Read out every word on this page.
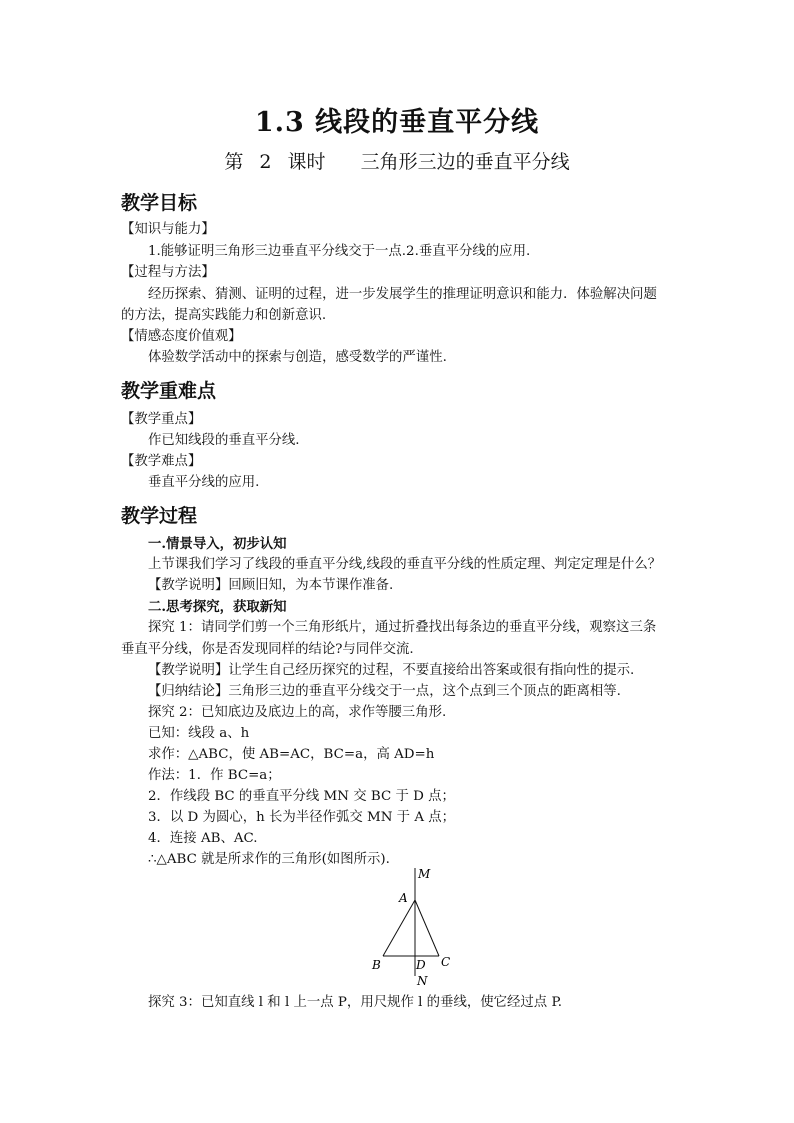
1.3 线段的垂直平分线
第 2 课时　 三角形三边的垂直平分线
教学目标
【知识与能力】
1.能够证明三角形三边垂直平分线交于一点.2.垂直平分线的应用.
【过程与方法】
经历探索、猜测、证明的过程，进一步发展学生的推理证明意识和能力．体验解决问题
的方法，提高实践能力和创新意识.
【情感态度价值观】
体验数学活动中的探索与创造，感受数学的严谨性.
教学重难点
【教学重点】
作已知线段的垂直平分线.
【教学难点】
垂直平分线的应用.
教学过程
一.情景导入，初步认知
上节课我们学习了线段的垂直平分线,线段的垂直平分线的性质定理、判定定理是什么？
【教学说明】回顾旧知，为本节课作准备.
二.思考探究，获取新知
探究 1：请同学们剪一个三角形纸片，通过折叠找出每条边的垂直平分线，观察这三条
垂直平分线，你是否发现同样的结论?与同伴交流.
【教学说明】让学生自己经历探究的过程，不要直接给出答案或很有指向性的提示.
【归纳结论】三角形三边的垂直平分线交于一点，这个点到三个顶点的距离相等.
探究 2：已知底边及底边上的高，求作等腰三角形.
已知：线段 a、h
求作：△ABC，使 AB=AC，BC=a，高 AD=h
作法：1．作 BC=a；
2．作线段 BC 的垂直平分线 MN 交 BC 于 D 点；
3．以 D 为圆心，h 长为半径作弧交 MN 于 A 点；
4．连接 AB、AC.
∴△ABC 就是所求作的三角形(如图所示).
M
A
B	D C
N
探究 3：已知直线 l 和 l 上一点 P，用尺规作 l 的垂线，使它经过点 P.
